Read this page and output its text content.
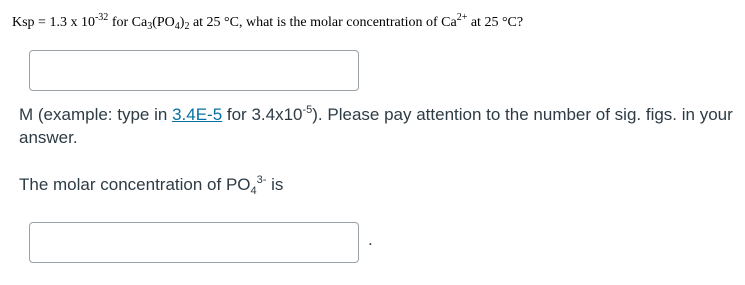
Ksp = 1.3 x $10^{-32}$ for $Ca_3(PO_4)_2$ at 25 °C, what is the molar concentration of $Ca^{2+}$ at 25 °C?
M (example: type in 3.4E-5 for $3.4x10^{-5}$). Please pay attention to the number of sig. figs. in your answer.
The molar concentration of $PO_4^{3-}$ is
.
